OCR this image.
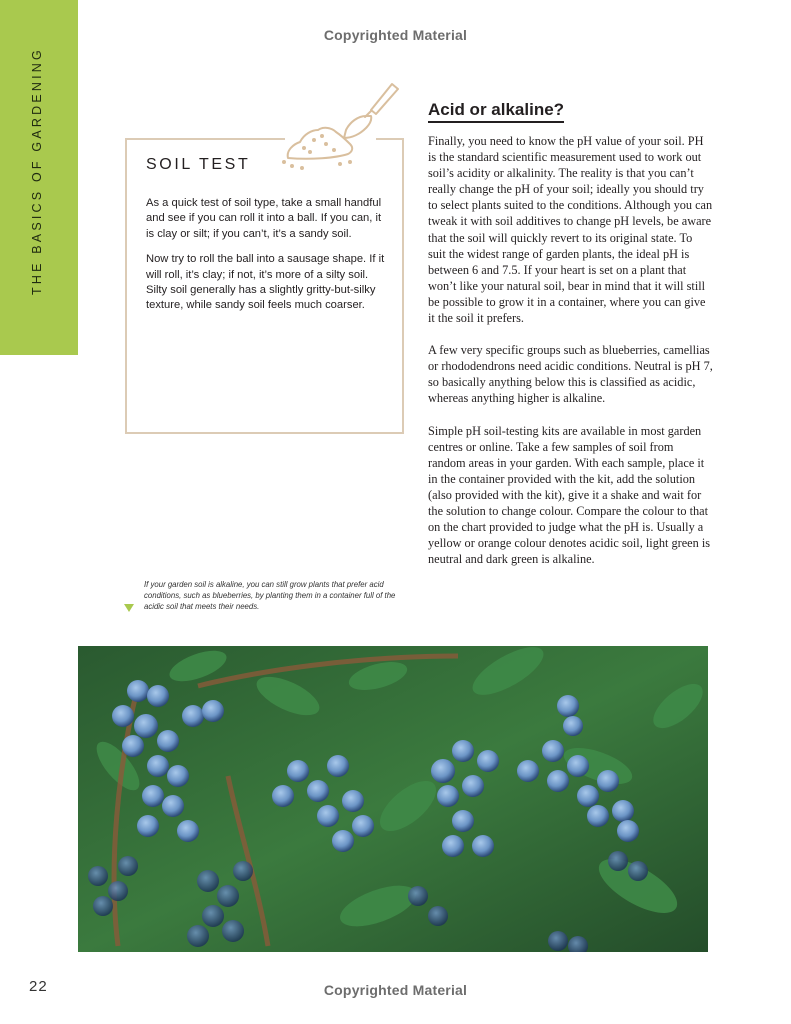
Copyrighted Material
THE BASICS OF GARDENING	SOIL TEST

As a quick test of soil type, take a small handful and see if you can roll it into a ball. If you can, it is clay or silt; if you can’t, it’s a sandy soil.

Now try to roll the ball into a sausage shape. If it will roll, it’s clay; if not, it’s more of a silty soil. Silty soil generally has a slightly gritty-but-silky texture, while sandy soil feels much coarser.

Acid or alkaline?

Finally, you need to know the pH value of your soil. PH is the standard scientific measurement used to work out soil’s acidity or alkalinity. The reality is that you can’t really change the pH of your soil; ideally you should try to select plants suited to the conditions. Although you can tweak it with soil additives to change pH levels, be aware that the soil will quickly revert to its original state. To suit the widest range of garden plants, the ideal pH is between 6 and 7.5. If your heart is set on a plant that won’t like your natural soil, bear in mind that it will still be possible to grow it in a container, where you can give it the soil it prefers.

A few very specific groups such as blueberries, camellias or rhododendrons need acidic conditions. Neutral is pH 7, so basically anything below this is classified as acidic, whereas anything higher is alkaline.

Simple pH soil-testing kits are available in most garden centres or online. Take a few samples of soil from random areas in your garden. With each sample, place it in the container provided with the kit, add the solution (also provided with the kit), give it a shake and wait for the solution to change colour. Compare the colour to that on the chart provided to judge what the pH is. Usually a yellow or orange colour denotes acidic soil, light green is neutral and dark green is alkaline.

If your garden soil is alkaline, you can still grow plants that prefer acid conditions, such as blueberries, by planting them in a container full of the acidic soil that meets their needs.
22	Copyrighted Material
